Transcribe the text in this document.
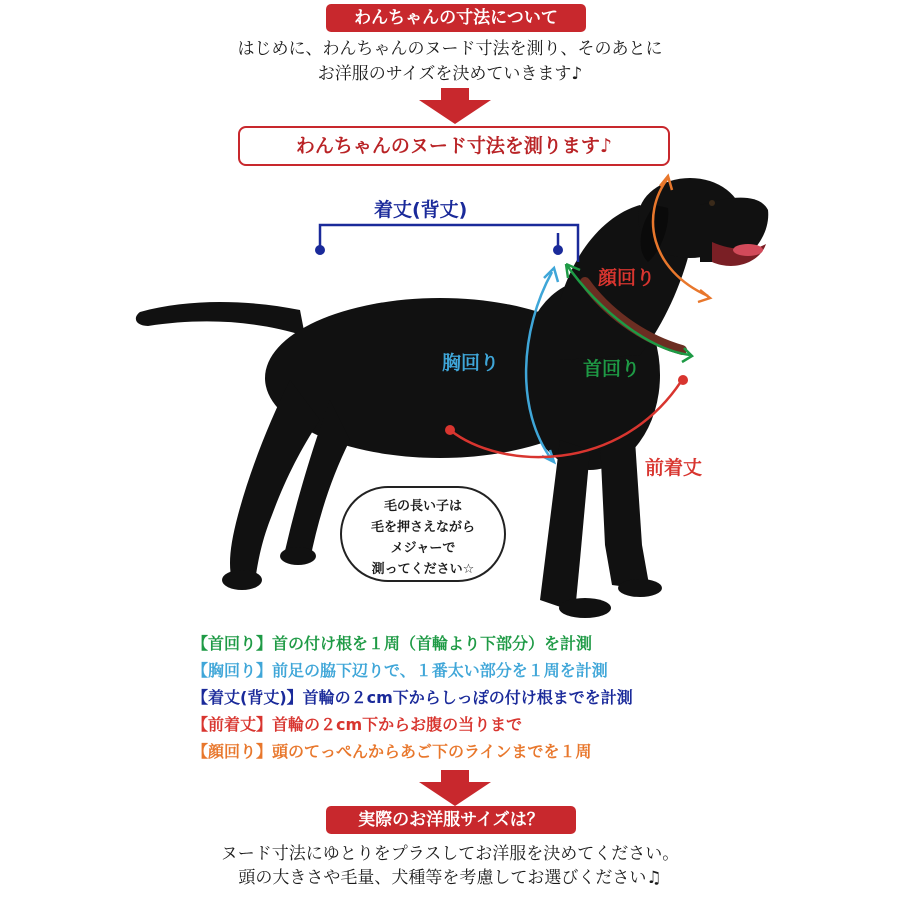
わんちゃんの寸法について
はじめに、わんちゃんのヌード寸法を測り、そのあとに
お洋服のサイズを決めていきます♪
わんちゃんのヌード寸法を測ります♪
着丈(背丈)
顔回り
胸回り	首回り
前着丈
毛の長い子は
毛を押さえながら
メジャーで
測ってください☆
【首回り】首の付け根を１周（首輪より下部分）を計測
【胸回り】前足の脇下辺りで、１番太い部分を１周を計測
【着丈(背丈)】首輪の２cm下からしっぽの付け根までを計測
【前着丈】首輪の２cm下からお腹の当りまで
【顔回り】頭のてっぺんからあご下のラインまでを１周
実際のお洋服サイズは？
ヌード寸法にゆとりをプラスしてお洋服を決めてください。
頭の大きさや毛量、犬種等を考慮してお選びください♫
